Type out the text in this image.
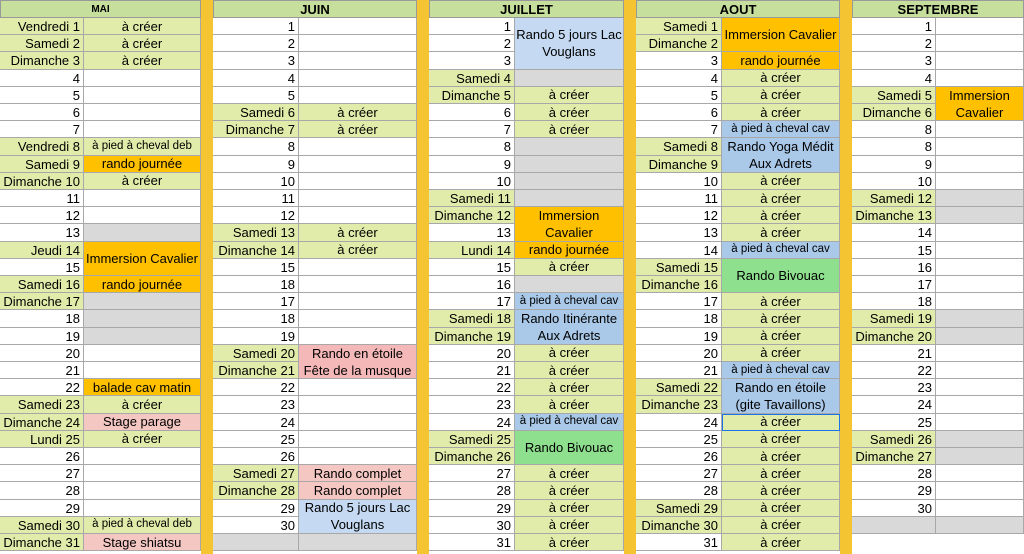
MAI
Vendredi 1
Samedi 2
Dimanche 3
4
5
6
7
Vendredi 8
Samedi 9
Dimanche 10
11
12
13
Jeudi 14
15
Samedi 16
Dimanche 17
18
19
20
21
22
Samedi 23
Dimanche 24
Lundi 25
26
27
28
29
Samedi 30
Dimanche 31
à créer
à créer
à créer
à pied à cheval deb
rando journée
à créer
Immersion Cavalier
rando journée
balade cav matin
à créer
Stage parage
à créer
à pied à cheval deb
Stage shiatsu
JUIN
1
2
3
4
5
Samedi 6
Dimanche 7
8
9
10
11
12
Samedi 13
Dimanche 14
15
18
17
18
19
Samedi 20
Dimanche 21
22
23
24
25
26
Samedi 27
Dimanche 28
29
30
à créer
à créer
à créer
à créer
Rando en étoile Fête de la musque
Rando complet
Rando complet
Rando 5 jours Lac Vouglans
JUILLET
1
2
3
Samedi 4
Dimanche 5
6
7
8
9
10
Samedi 11
Dimanche 12
13
Lundi 14
15
16
17
Samedi 18
Dimanche 19
20
21
22
23
24
Samedi 25
Dimanche 26
27
28
29
30
31
Rando 5 jours Lac Vouglans
à créer
à créer
à créer
Immersion Cavalier
rando journée
à créer
à pied à cheval cav
Rando Itinérante Aux Adrets
à créer
à créer
à créer
à créer
à pied à cheval cav
Rando Bivouac
à créer
à créer
à créer
à créer
à créer
AOUT
Samedi 1
Dimanche 2
3
4
5
6
7
Samedi 8
Dimanche 9
10
11
12
13
14
Samedi 15
Dimanche 16
17
18
19
20
21
Samedi 22
Dimanche 23
24
25
26
27
28
Samedi 29
Dimanche 30
31
Immersion Cavalier
rando journée
à créer
à créer
à créer
à pied à cheval cav
Rando Yoga Médit Aux Adrets
à créer
à créer
à créer
à créer
à pied à cheval cav
Rando Bivouac
à créer
à créer
à créer
à créer
à pied à cheval cav
Rando en étoile (gite Tavaillons)
à créer
à créer
à créer
à créer
à créer
à créer
à créer
à créer
SEPTEMBRE
1
2
3
4
Samedi 5
Dimanche 6
8
8
9
10
Samedi 12
Dimanche 13
14
15
16
17
18
Samedi 19
Dimanche 20
21
22
23
24
25
Samedi 26
Dimanche 27
28
29
30
Immersion Cavalier
